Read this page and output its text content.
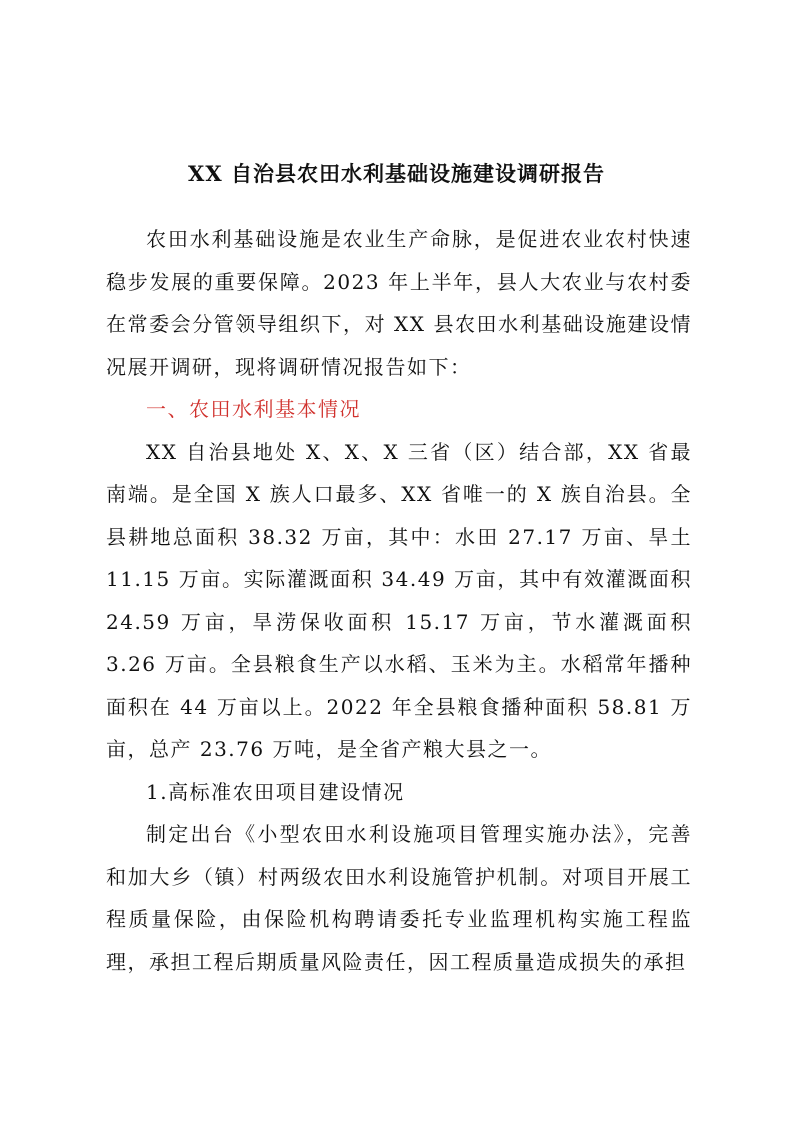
XX 自治县农田水利基础设施建设调研报告

农田水利基础设施是农业生产命脉，是促进农业农村快速稳步发展的重要保障。2023 年上半年，县人大农业与农村委在常委会分管领导组织下，对 XX 县农田水利基础设施建设情况展开调研，现将调研情况报告如下：

一、农田水利基本情况

XX 自治县地处 X、X、X 三省（区）结合部，XX 省最南端。是全国 X 族人口最多、XX 省唯一的 X 族自治县。全县耕地总面积 38.32 万亩，其中：水田 27.17 万亩、旱土 11.15 万亩。实际灌溉面积 34.49 万亩，其中有效灌溉面积 24.59 万亩，旱涝保收面积 15.17 万亩，节水灌溉面积 3.26 万亩。全县粮食生产以水稻、玉米为主。水稻常年播种面积在 44 万亩以上。2022 年全县粮食播种面积 58.81 万亩，总产 23.76 万吨，是全省产粮大县之一。

1.高标准农田项目建设情况

制定出台《小型农田水利设施项目管理实施办法》，完善和加大乡（镇）村两级农田水利设施管护机制。对项目开展工程质量保险，由保险机构聘请委托专业监理机构实施工程监理，承担工程后期质量风险责任，因工程质量造成损失的承担
